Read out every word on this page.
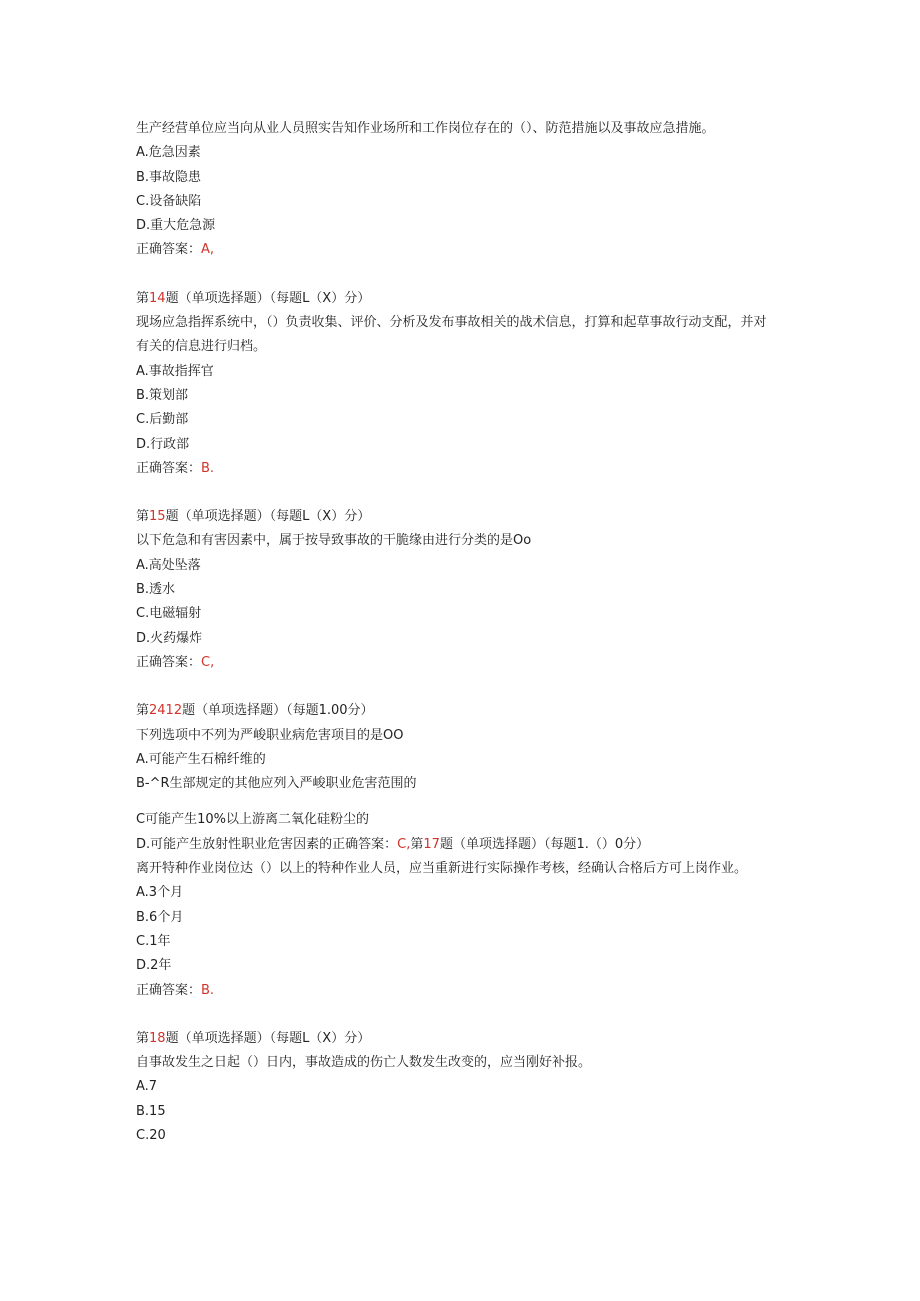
生产经营单位应当向从业人员照实告知作业场所和工作岗位存在的（）、防范措施以及事故应急措施。
A.危急因素
B.事故隐患
C.设备缺陷
D.重大危急源
正确答案：A,
第14题（单项选择题）（每题L（X）分）
现场应急指挥系统中，（）负责收集、评价、分析及发布事故相关的战术信息，打算和起草事故行动支配，并对有关的信息进行归档。
A.事故指挥官
B.策划部
C.后勤部
D.行政部
正确答案：B.
第15题（单项选择题）（每题L（X）分）
以下危急和有害因素中，属于按导致事故的干脆缘由进行分类的是Oo
A.高处坠落
B.透水
C.电磁辐射
D.火药爆炸
正确答案：C,
第2412题（单项选择题）（每题1.00分）
下列选项中不列为严峻职业病危害项目的是OO
A.可能产生石棉纤维的
B-^R生部规定的其他应列入严峻职业危害范围的
C可能产生10%以上游离二氧化硅粉尘的
D.可能产生放射性职业危害因素的正确答案：C,第17题（单项选择题）（每题1.（）0分）
离开特种作业岗位达（）以上的特种作业人员，应当重新进行实际操作考核，经确认合格后方可上岗作业。
A.3个月
B.6个月
C.1年
D.2年
正确答案：B.
第18题（单项选择题）（每题L（X）分）
自事故发生之日起（）日内，事故造成的伤亡人数发生改变的，应当刚好补报。
A.7
B.15
C.20
